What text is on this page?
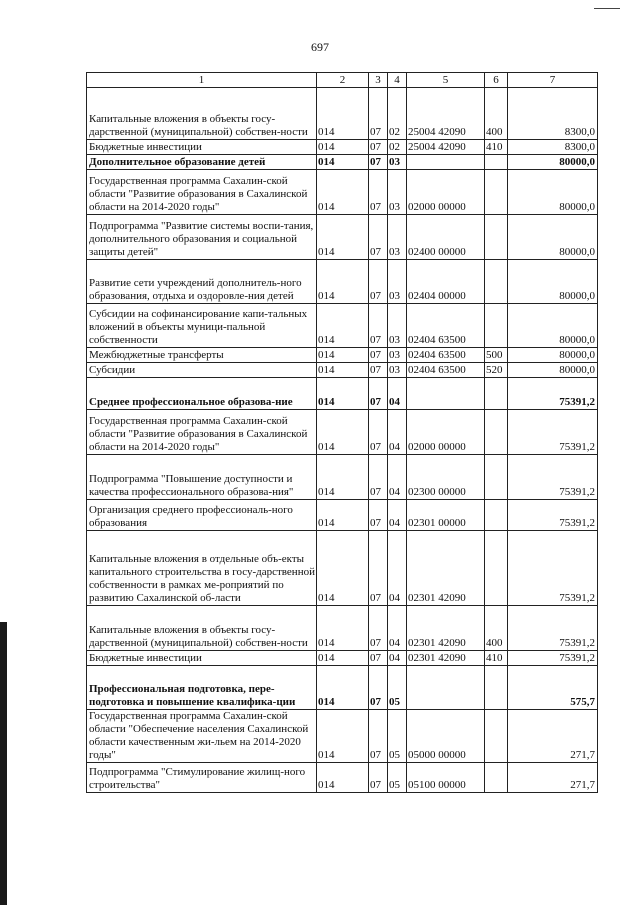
697
1	2	3	4	5	6	7
Капитальные вложения в объекты госу-дарственной (муниципальной) собствен-ности	014	07	02	25004 42090	400	8300,0
Бюджетные инвестиции	014	07	02	25004 42090	410	8300,0
Дополнительное образование детей	014	07	03			80000,0
Государственная программа Сахалин-ской области "Развитие образования в Сахалинской области на 2014-2020 годы"	014	07	03	02000 00000		80000,0
Подпрограмма "Развитие системы воспи-тания, дополнительного образования и социальной защиты детей"	014	07	03	02400 00000		80000,0
Развитие сети учреждений дополнитель-ного образования, отдыха и оздоровле-ния детей	014	07	03	02404 00000		80000,0
Субсидии на софинансирование капи-тальных вложений в объекты муници-пальной собственности	014	07	03	02404 63500		80000,0
Межбюджетные трансферты	014	07	03	02404 63500	500	80000,0
Субсидии	014	07	03	02404 63500	520	80000,0
Среднее профессиональное образова-ние	014	07	04			75391,2
Государственная программа Сахалин-ской области "Развитие образования в Сахалинской области на 2014-2020 годы"	014	07	04	02000 00000		75391,2
Подпрограмма "Повышение доступности и качества профессионального образова-ния"	014	07	04	02300 00000		75391,2
Организация среднего профессиональ-ного образования	014	07	04	02301 00000		75391,2
Капитальные вложения в отдельные объ-екты капитального строительства в госу-дарственной собственности в рамках ме-роприятий по развитию Сахалинской об-ласти	014	07	04	02301 42090		75391,2
Капитальные вложения в объекты госу-дарственной (муниципальной) собствен-ности	014	07	04	02301 42090	400	75391,2
Бюджетные инвестиции	014	07	04	02301 42090	410	75391,2
Профессиональная подготовка, пере-подготовка и повышение квалифика-ции	014	07	05			575,7
Государственная программа Сахалин-ской области "Обеспечение населения Сахалинской области качественным жи-льем на 2014-2020 годы"	014	07	05	05000 00000		271,7
Подпрограмма "Стимулирование жилищ-ного строительства"	014	07	05	05100 00000		271,7
